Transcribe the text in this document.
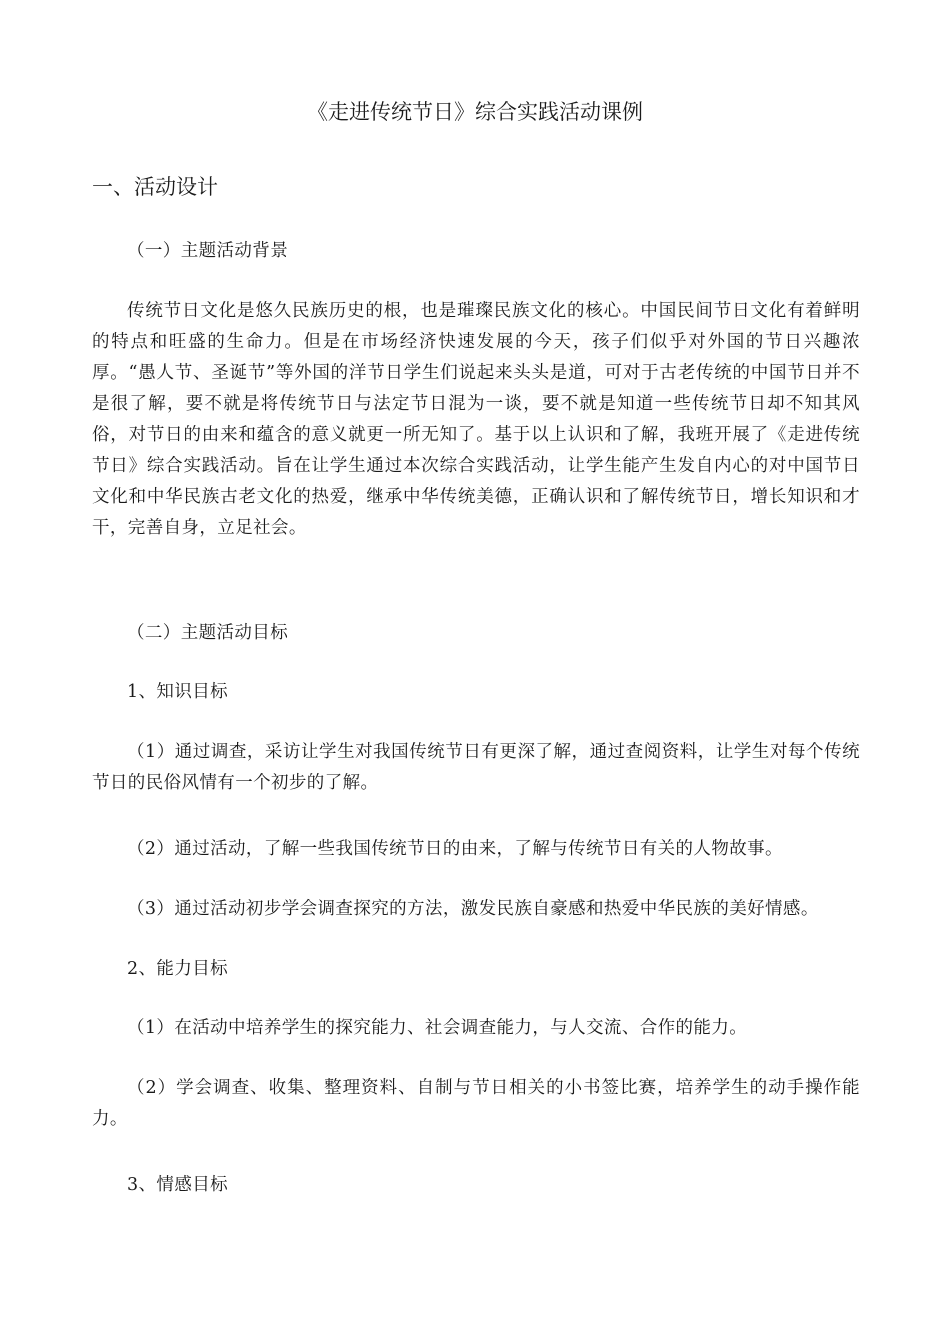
《走进传统节日》综合实践活动课例
一、活动设计

（一）主题活动背景

传统节日文化是悠久民族历史的根，也是璀璨民族文化的核心。中国民间节日文化有着鲜明的特点和旺盛的生命力。但是在市场经济快速发展的今天，孩子们似乎对外国的节日兴趣浓厚。“愚人节、圣诞节”等外国的洋节日学生们说起来头头是道，可对于古老传统的中国节日并不是很了解，要不就是将传统节日与法定节日混为一谈，要不就是知道一些传统节日却不知其风俗，对节日的由来和蕴含的意义就更一所无知了。基于以上认识和了解，我班开展了《走进传统节日》综合实践活动。旨在让学生通过本次综合实践活动，让学生能产生发自内心的对中国节日文化和中华民族古老文化的热爱，继承中华传统美德，正确认识和了解传统节日，增长知识和才干，完善自身，立足社会。

（二）主题活动目标

1、知识目标

（1）通过调查，采访让学生对我国传统节日有更深了解，通过查阅资料，让学生对每个传统节日的民俗风情有一个初步的了解。

（2）通过活动，了解一些我国传统节日的由来，了解与传统节日有关的人物故事。

（3）通过活动初步学会调查探究的方法，激发民族自豪感和热爱中华民族的美好情感。

2、能力目标

（1）在活动中培养学生的探究能力、社会调查能力，与人交流、合作的能力。

（2）学会调查、收集、整理资料、自制与节日相关的小书签比赛，培养学生的动手操作能力。

3、情感目标
